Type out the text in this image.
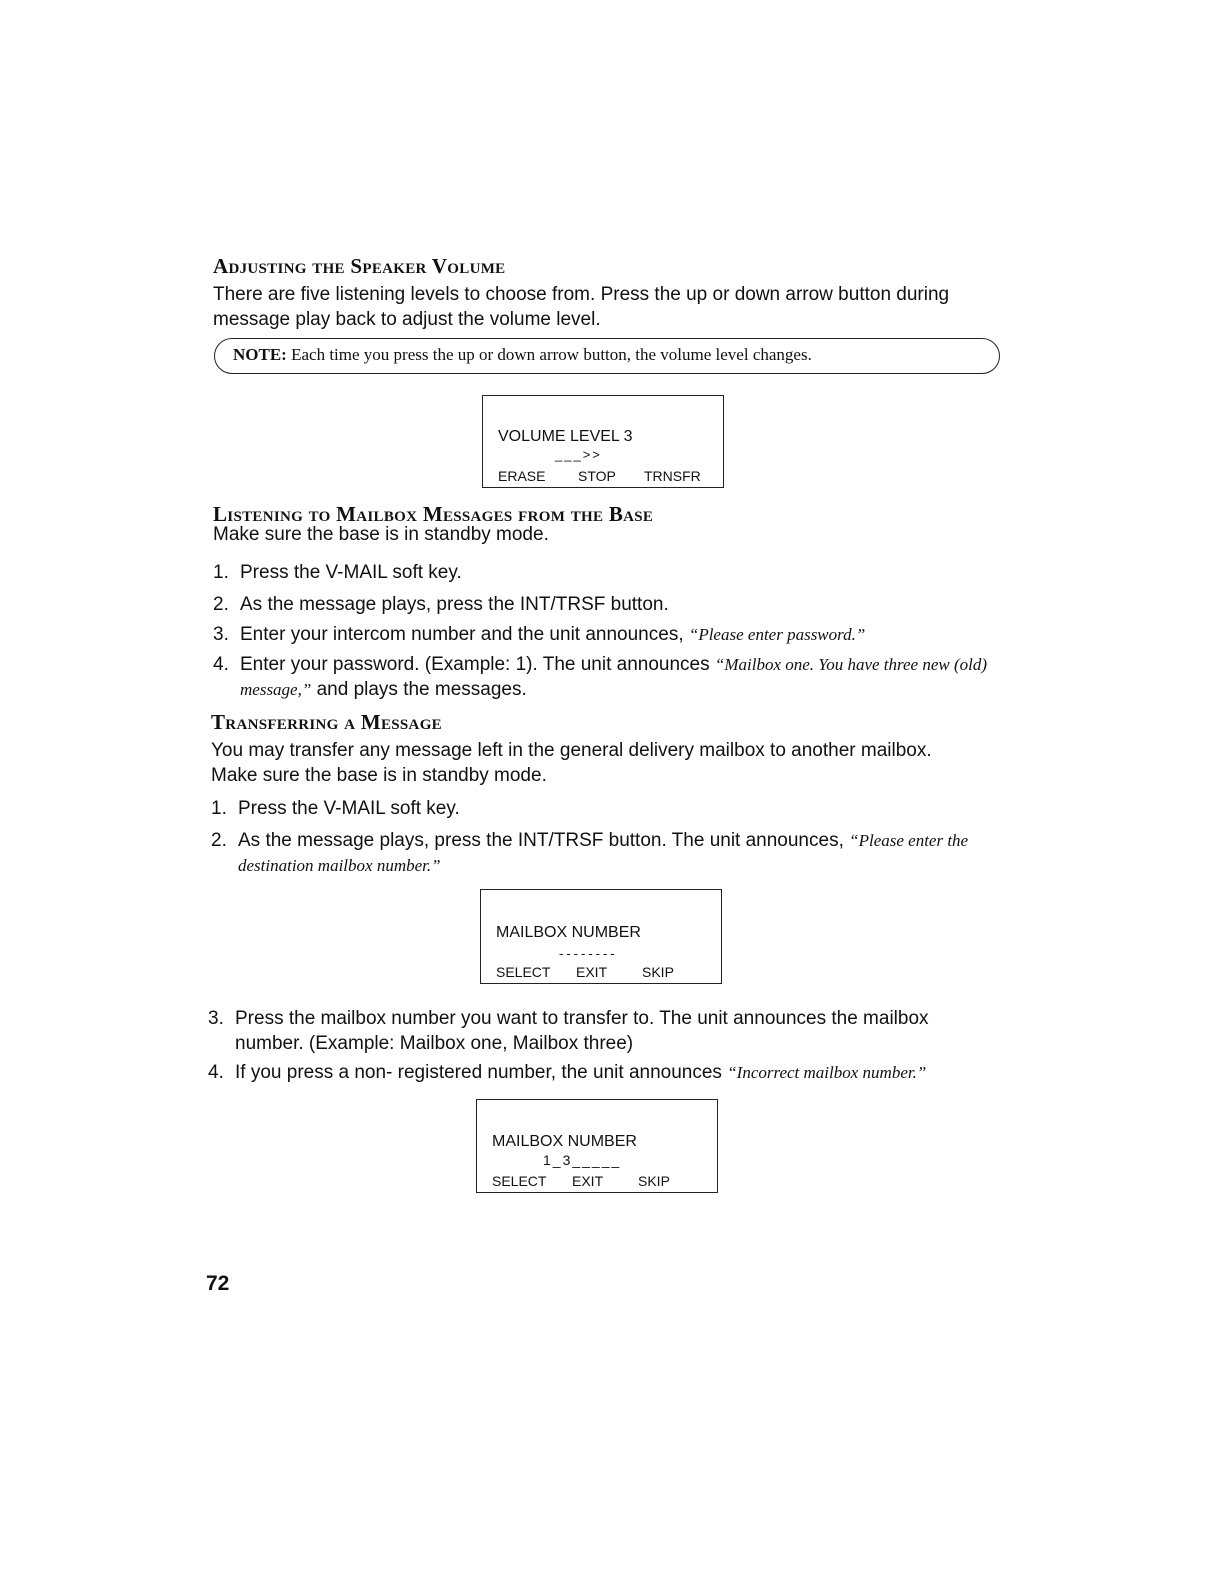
Adjusting the Speaker Volume
There are five listening levels to choose from. Press the up or down arrow button during message play back to adjust the volume level.
NOTE: Each time you press the up or down arrow button, the volume level changes.
VOLUME LEVEL 3
___>>
ERASE STOP TRNSFR
Listening to Mailbox Messages from the Base
Make sure the base is in standby mode.
1. Press the V-MAIL soft key.
2. As the message plays, press the INT/TRSF button.
3. Enter your intercom number and the unit announces, “Please enter password.”
4. Enter your password. (Example: 1). The unit announces “Mailbox one. You have three new (old) message,” and plays the messages.
Transferring a Message
You may transfer any message left in the general delivery mailbox to another mailbox. Make sure the base is in standby mode.
1. Press the V-MAIL soft key.
2. As the message plays, press the INT/TRSF button. The unit announces, “Please enter the destination mailbox number.”
MAILBOX NUMBER
--------
SELECT EXIT SKIP
3. Press the mailbox number you want to transfer to. The unit announces the mailbox number. (Example: Mailbox one, Mailbox three)
4. If you press a non- registered number, the unit announces “Incorrect mailbox number.”
MAILBOX NUMBER
1_3_____
SELECT EXIT SKIP
72
